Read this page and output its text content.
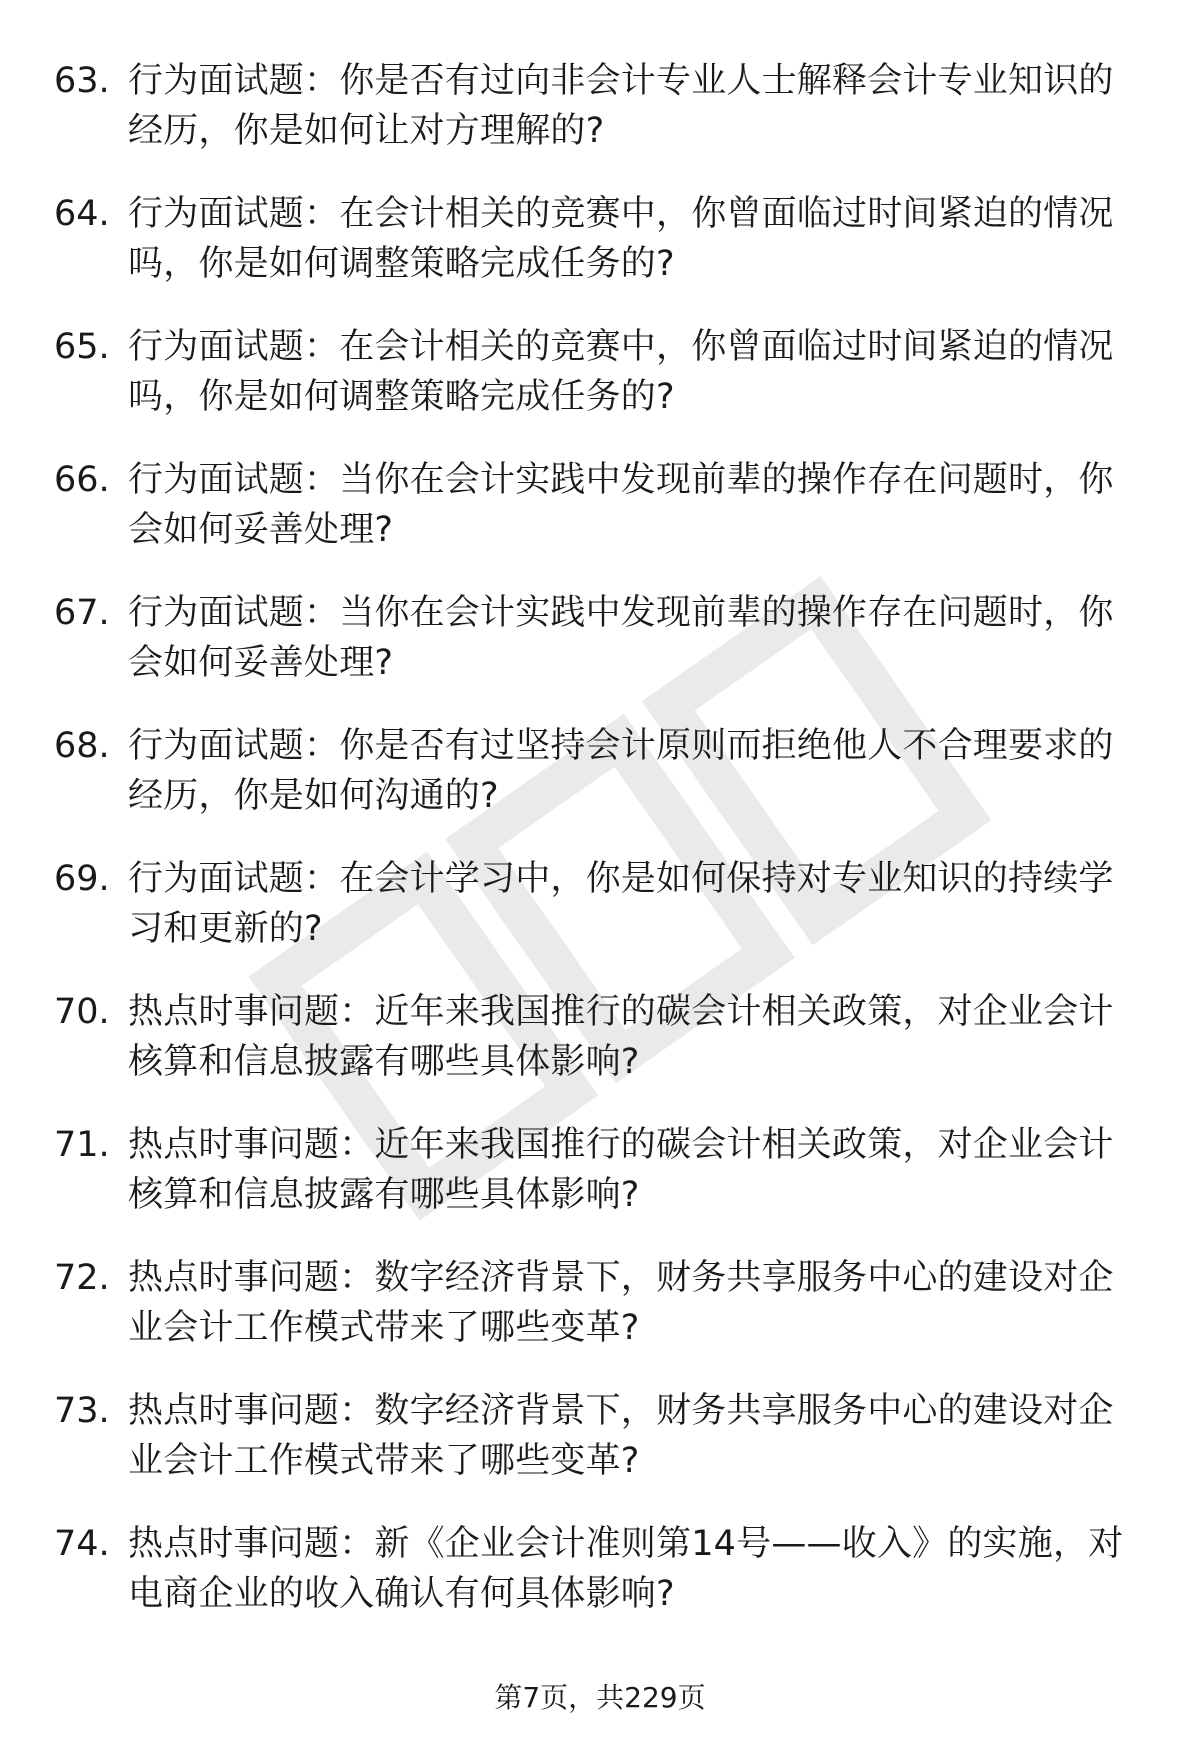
63. 行为面试题：你是否有过向非会计专业人士解释会计专业知识的经历，你是如何让对方理解的?
64. 行为面试题：在会计相关的竞赛中，你曾面临过时间紧迫的情况吗，你是如何调整策略完成任务的?
65. 行为面试题：在会计相关的竞赛中，你曾面临过时间紧迫的情况吗，你是如何调整策略完成任务的?
66. 行为面试题：当你在会计实践中发现前辈的操作存在问题时，你会如何妥善处理?
67. 行为面试题：当你在会计实践中发现前辈的操作存在问题时，你会如何妥善处理?
68. 行为面试题：你是否有过坚持会计原则而拒绝他人不合理要求的经历，你是如何沟通的?
69. 行为面试题：在会计学习中，你是如何保持对专业知识的持续学习和更新的?
70. 热点时事问题：近年来我国推行的碳会计相关政策，对企业会计核算和信息披露有哪些具体影响?
71. 热点时事问题：近年来我国推行的碳会计相关政策，对企业会计核算和信息披露有哪些具体影响?
72. 热点时事问题：数字经济背景下，财务共享服务中心的建设对企业会计工作模式带来了哪些变革?
73. 热点时事问题：数字经济背景下，财务共享服务中心的建设对企业会计工作模式带来了哪些变革?
74. 热点时事问题：新《企业会计准则第14号——收入》的实施，对电商企业的收入确认有何具体影响?
第7页，共229页
